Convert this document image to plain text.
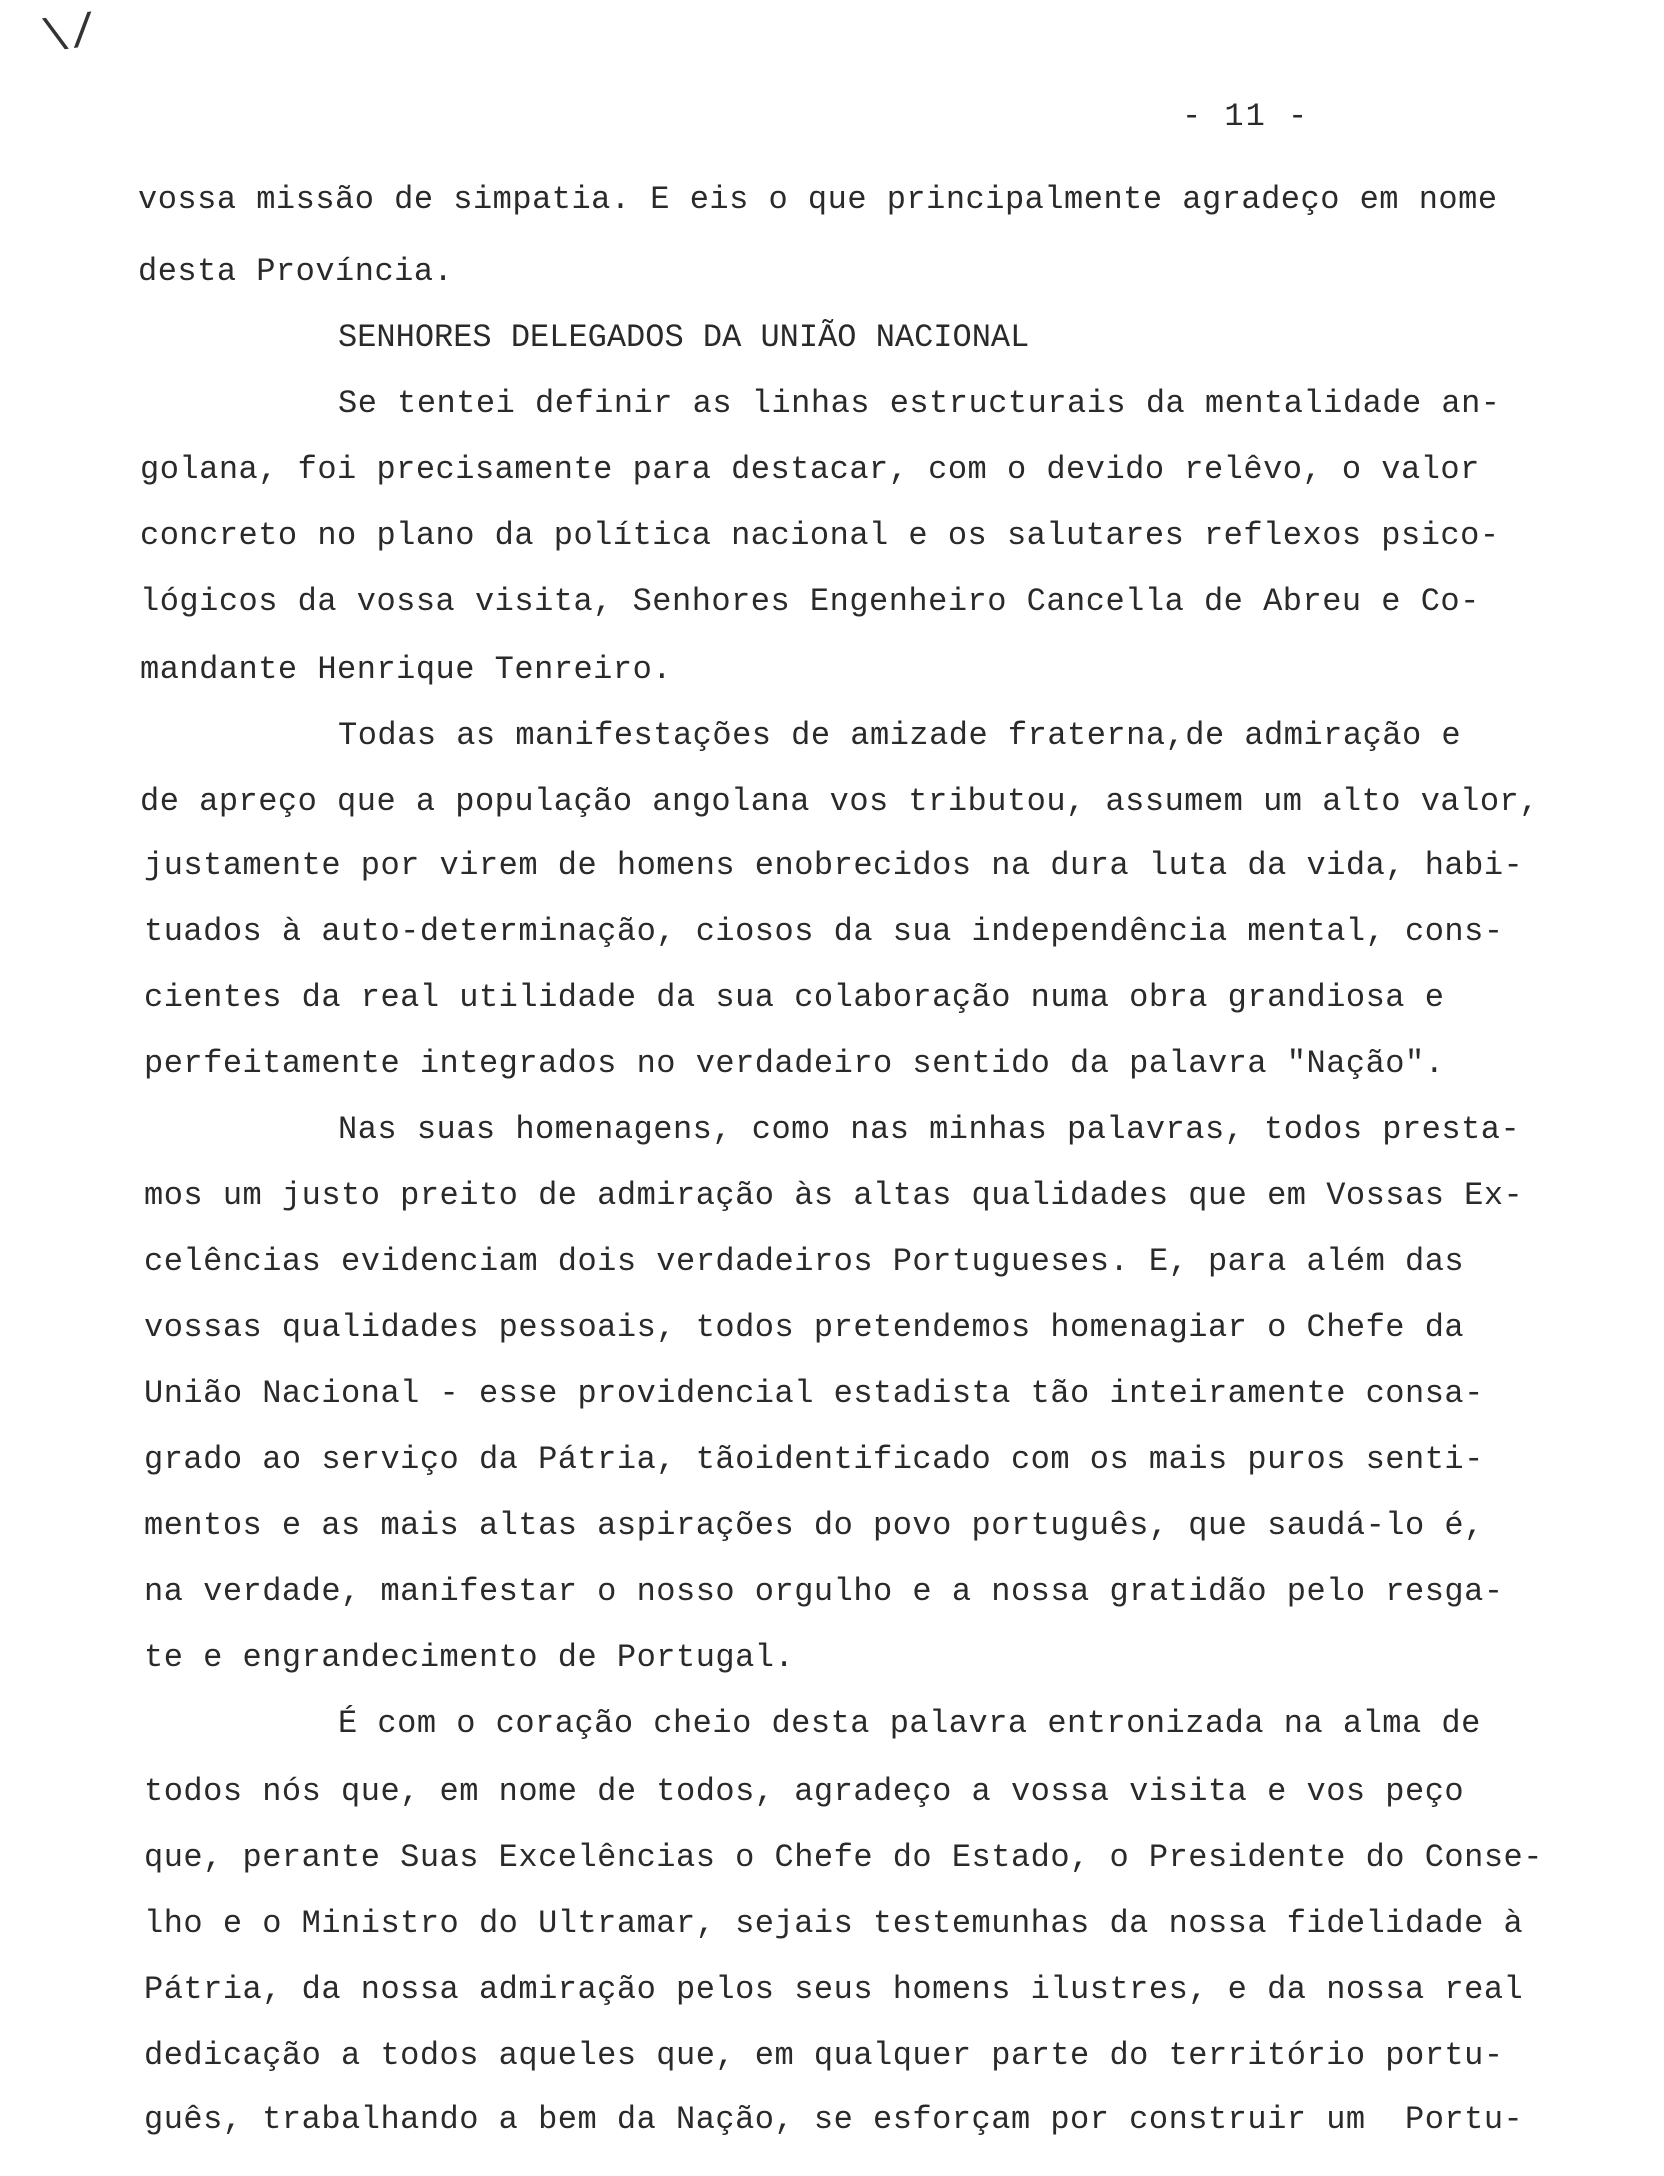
\/
- 11 -
vossa missão de simpatia. E eis o que principalmente agradeço em nome
desta Província.
SENHORES DELEGADOS DA UNIÃO NACIONAL
Se tentei definir as linhas estructurais da mentalidade an-
golana, foi precisamente para destacar, com o devido relêvo, o valor
concreto no plano da política nacional e os salutares reflexos psico-
lógicos da vossa visita, Senhores Engenheiro Cancella de Abreu e Co-
mandante Henrique Tenreiro.
Todas as manifestações de amizade fraterna,de admiração e
de apreço que a população angolana vos tributou, assumem um alto valor,
justamente por virem de homens enobrecidos na dura luta da vida, habi-
tuados à auto-determinação, ciosos da sua independência mental, cons-
cientes da real utilidade da sua colaboração numa obra grandiosa e
perfeitamente integrados no verdadeiro sentido da palavra "Nação".
Nas suas homenagens, como nas minhas palavras, todos presta-
mos um justo preito de admiração às altas qualidades que em Vossas Ex-
celências evidenciam dois verdadeiros Portugueses. E, para além das
vossas qualidades pessoais, todos pretendemos homenagiar o Chefe da
União Nacional - esse providencial estadista tão inteiramente consa-
grado ao serviço da Pátria, tãoidentificado com os mais puros senti-
mentos e as mais altas aspirações do povo português, que saudá-lo é,
na verdade, manifestar o nosso orgulho e a nossa gratidão pelo resga-
te e engrandecimento de Portugal.
É com o coração cheio desta palavra entronizada na alma de
todos nós que, em nome de todos, agradeço a vossa visita e vos peço
que, perante Suas Excelências o Chefe do Estado, o Presidente do Conse-
lho e o Ministro do Ultramar, sejais testemunhas da nossa fidelidade à
Pátria, da nossa admiração pelos seus homens ilustres, e da nossa real
dedicação a todos aqueles que, em qualquer parte do território portu-
guês, trabalhando a bem da Nação, se esforçam por construir um  Portu-
